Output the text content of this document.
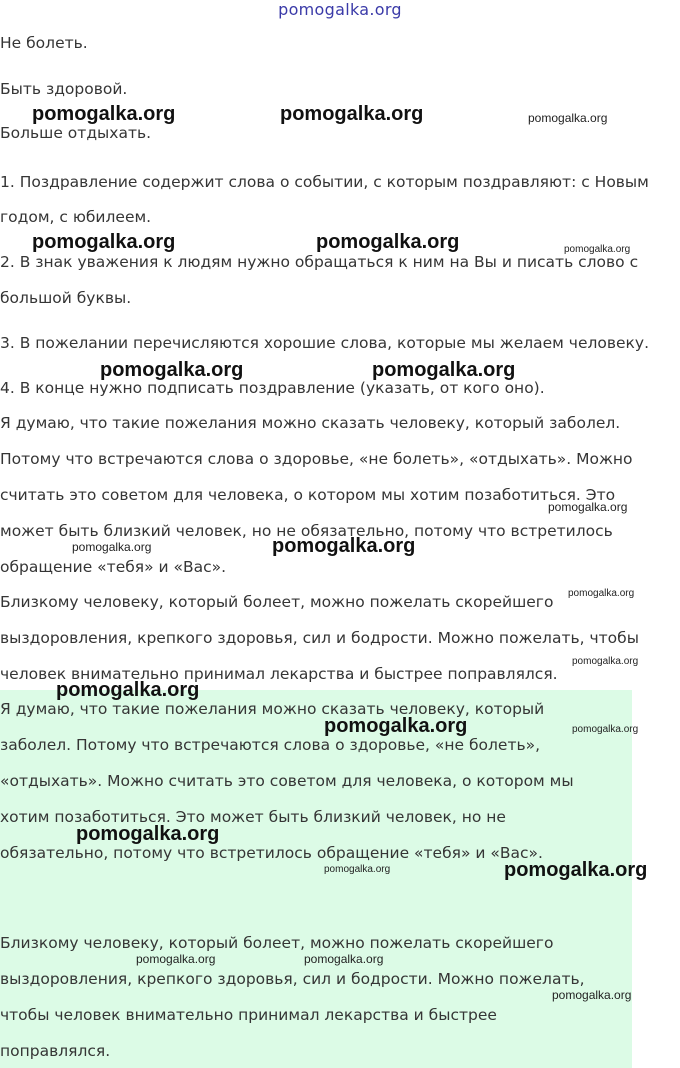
pomogalka.org
Не болеть.
Быть здоровой.
Больше отдыхать.
1. Поздравление содержит слова о событии, с которым поздравляют: с Новым
годом, с юбилеем.
2. В знак уважения к людям нужно обращаться к ним на Вы и писать слово с
большой буквы.
3. В пожелании перечисляются хорошие слова, которые мы желаем человеку.
4. В конце нужно подписать поздравление (указать, от кого оно).
Я думаю, что такие пожелания можно сказать человеку, который заболел.
Потому что встречаются слова о здоровье, «не болеть», «отдыхать». Можно
считать это советом для человека, о котором мы хотим позаботиться. Это
может быть близкий человек, но не обязательно, потому что встретилось
обращение «тебя» и «Вас».
Близкому человеку, который болеет, можно пожелать скорейшего
выздоровления, крепкого здоровья, сил и бодрости. Можно пожелать, чтобы
человек внимательно принимал лекарства и быстрее поправлялся.
Я думаю, что такие пожелания можно сказать человеку, который
заболел. Потому что встречаются слова о здоровье, «не болеть»,
«отдыхать». Можно считать это советом для человека, о котором мы
хотим позаботиться. Это может быть близкий человек, но не
обязательно, потому что встретилось обращение «тебя» и «Вас».
Близкому человеку, который болеет, можно пожелать скорейшего
выздоровления, крепкого здоровья, сил и бодрости. Можно пожелать,
чтобы человек внимательно принимал лекарства и быстрее
поправлялся.
pomogalka.org	pomogalka.org	pomogalka.org
pomogalka.org	pomogalka.org	pomogalka.org
pomogalka.org	pomogalka.org
pomogalka.org
pomogalka.org	pomogalka.org
pomogalka.org
pomogalka.org
pomogalka.org
pomogalka.org	pomogalka.org
pomogalka.org
pomogalka.org	pomogalka.org
pomogalka.org	pomogalka.org
pomogalka.org
